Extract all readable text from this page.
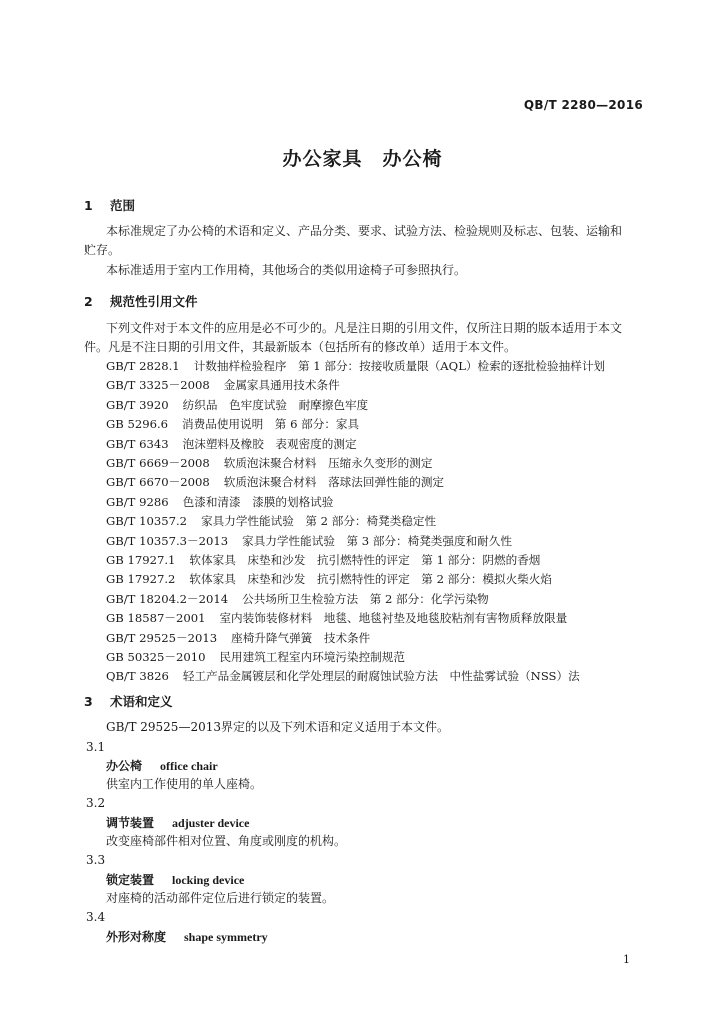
QB/T 2280—2016
办公家具　办公椅
1 范围
本标准规定了办公椅的术语和定义、产品分类、要求、试验方法、检验规则及标志、包装、运输和
贮存。
本标准适用于室内工作用椅，其他场合的类似用途椅子可参照执行。
2 规范性引用文件
下列文件对于本文件的应用是必不可少的。凡是注日期的引用文件，仅所注日期的版本适用于本文
件。凡是不注日期的引用文件，其最新版本（包括所有的修改单）适用于本文件。
GB/T 2828.1 计数抽样检验程序　第 1 部分：按接收质量限（AQL）检索的逐批检验抽样计划
GB/T 3325－2008 金属家具通用技术条件
GB/T 3920 纺织品　色牢度试验　耐摩擦色牢度
GB 5296.6 消费品使用说明　第 6 部分：家具
GB/T 6343 泡沫塑料及橡胶　表观密度的测定
GB/T 6669－2008 软质泡沫聚合材料　压缩永久变形的测定
GB/T 6670－2008 软质泡沫聚合材料　落球法回弹性能的测定
GB/T 9286 色漆和清漆　漆膜的划格试验
GB/T 10357.2 家具力学性能试验　第 2 部分：椅凳类稳定性
GB/T 10357.3－2013 家具力学性能试验　第 3 部分：椅凳类强度和耐久性
GB 17927.1 软体家具　床垫和沙发　抗引燃特性的评定　第 1 部分：阴燃的香烟
GB 17927.2 软体家具　床垫和沙发　抗引燃特性的评定　第 2 部分：模拟火柴火焰
GB/T 18204.2－2014 公共场所卫生检验方法　第 2 部分：化学污染物
GB 18587－2001 室内装饰装修材料　地毯、地毯衬垫及地毯胶粘剂有害物质释放限量
GB/T 29525－2013 座椅升降气弹簧　技术条件
GB 50325－2010 民用建筑工程室内环境污染控制规范
QB/T 3826 轻工产品金属镀层和化学处理层的耐腐蚀试验方法　中性盐雾试验（NSS）法
3 术语和定义
GB/T 29525—2013界定的以及下列术语和定义适用于本文件。
3.1
办公椅 office chair
供室内工作使用的单人座椅。
3.2
调节装置 adjuster device
改变座椅部件相对位置、角度或刚度的机构。
3.3
锁定装置 locking device
对座椅的活动部件定位后进行锁定的装置。
3.4
外形对称度 shape symmetry
1
